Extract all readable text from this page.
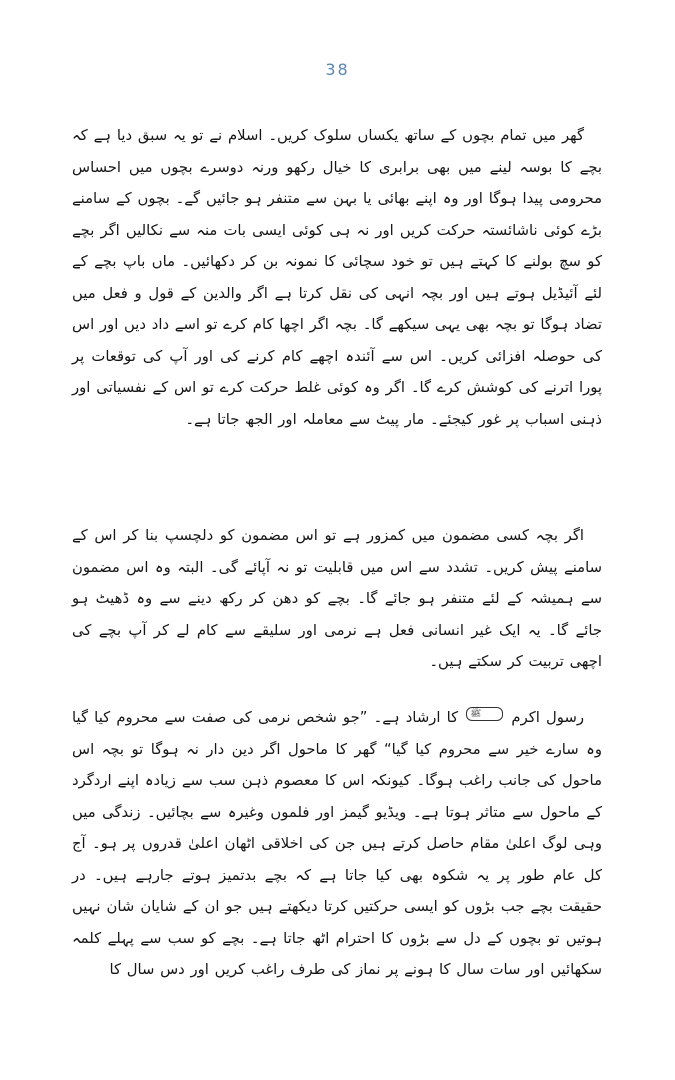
38

گھر میں تمام بچوں کے ساتھ یکساں سلوک کریں۔ اسلام نے تو یہ سبق دیا ہے کہ بچے کا بوسہ لینے میں بھی برابری کا خیال رکھو ورنہ دوسرے بچوں میں احساس محرومی پیدا ہوگا اور وہ اپنے بھائی یا بہن سے متنفر ہو جائیں گے۔ بچوں کے سامنے بڑے کوئی ناشائستہ حرکت کریں اور نہ ہی کوئی ایسی بات منہ سے نکالیں اگر بچے کو سچ بولنے کا کہتے ہیں تو خود سچائی کا نمونہ بن کر دکھائیں۔ ماں باپ بچے کے لئے آئیڈیل ہوتے ہیں اور بچہ انہی کی نقل کرتا ہے اگر والدین کے قول و فعل میں تضاد ہوگا تو بچہ بھی یہی سیکھے گا۔ بچہ اگر اچھا کام کرے تو اسے داد دیں اور اس کی حوصلہ افزائی کریں۔ اس سے آئندہ اچھے کام کرنے کی اور آپ کی توقعات پر پورا اترنے کی کوشش کرے گا۔ اگر وہ کوئی غلط حرکت کرے تو اس کے نفسیاتی اور ذہنی اسباب پر غور کیجئے۔ مار پیٹ سے معاملہ اور الجھ جاتا ہے۔

اگر بچہ کسی مضمون میں کمزور ہے تو اس مضمون کو دلچسپ بنا کر اس کے سامنے پیش کریں۔ تشدد سے اس میں قابلیت تو نہ آپائے گی۔ البتہ وہ اس مضمون سے ہمیشہ کے لئے متنفر ہو جائے گا۔ بچے کو دھن کر رکھ دینے سے وہ ڈھیٹ ہو جائے گا۔ یہ ایک غیر انسانی فعل ہے نرمی اور سلیقے سے کام لے کر آپ بچے کی اچھی تربیت کر سکتے ہیں۔

رسول اکرم ﷺ کا ارشاد ہے۔ ”جو شخص نرمی کی صفت سے محروم کیا گیا وہ سارے خیر سے محروم کیا گیا“ گھر کا ماحول اگر دین دار نہ ہوگا تو بچہ اس ماحول کی جانب راغب ہوگا۔ کیونکہ اس کا معصوم ذہن سب سے زیادہ اپنے اردگرد کے ماحول سے متاثر ہوتا ہے۔ ویڈیو گیمز اور فلموں وغیرہ سے بچائیں۔ زندگی میں وہی لوگ اعلیٰ مقام حاصل کرتے ہیں جن کی اخلاقی اٹھان اعلیٰ قدروں پر ہو۔ آج کل عام طور پر یہ شکوہ بھی کیا جاتا ہے کہ بچے بدتمیز ہوتے جارہے ہیں۔ در حقیقت بچے جب بڑوں کو ایسی حرکتیں کرتا دیکھتے ہیں جو ان کے شایان شان نہیں ہوتیں تو بچوں کے دل سے بڑوں کا احترام اٹھ جاتا ہے۔ بچے کو سب سے پہلے کلمہ سکھائیں اور سات سال کا ہونے پر نماز کی طرف راغب کریں اور دس سال کا
